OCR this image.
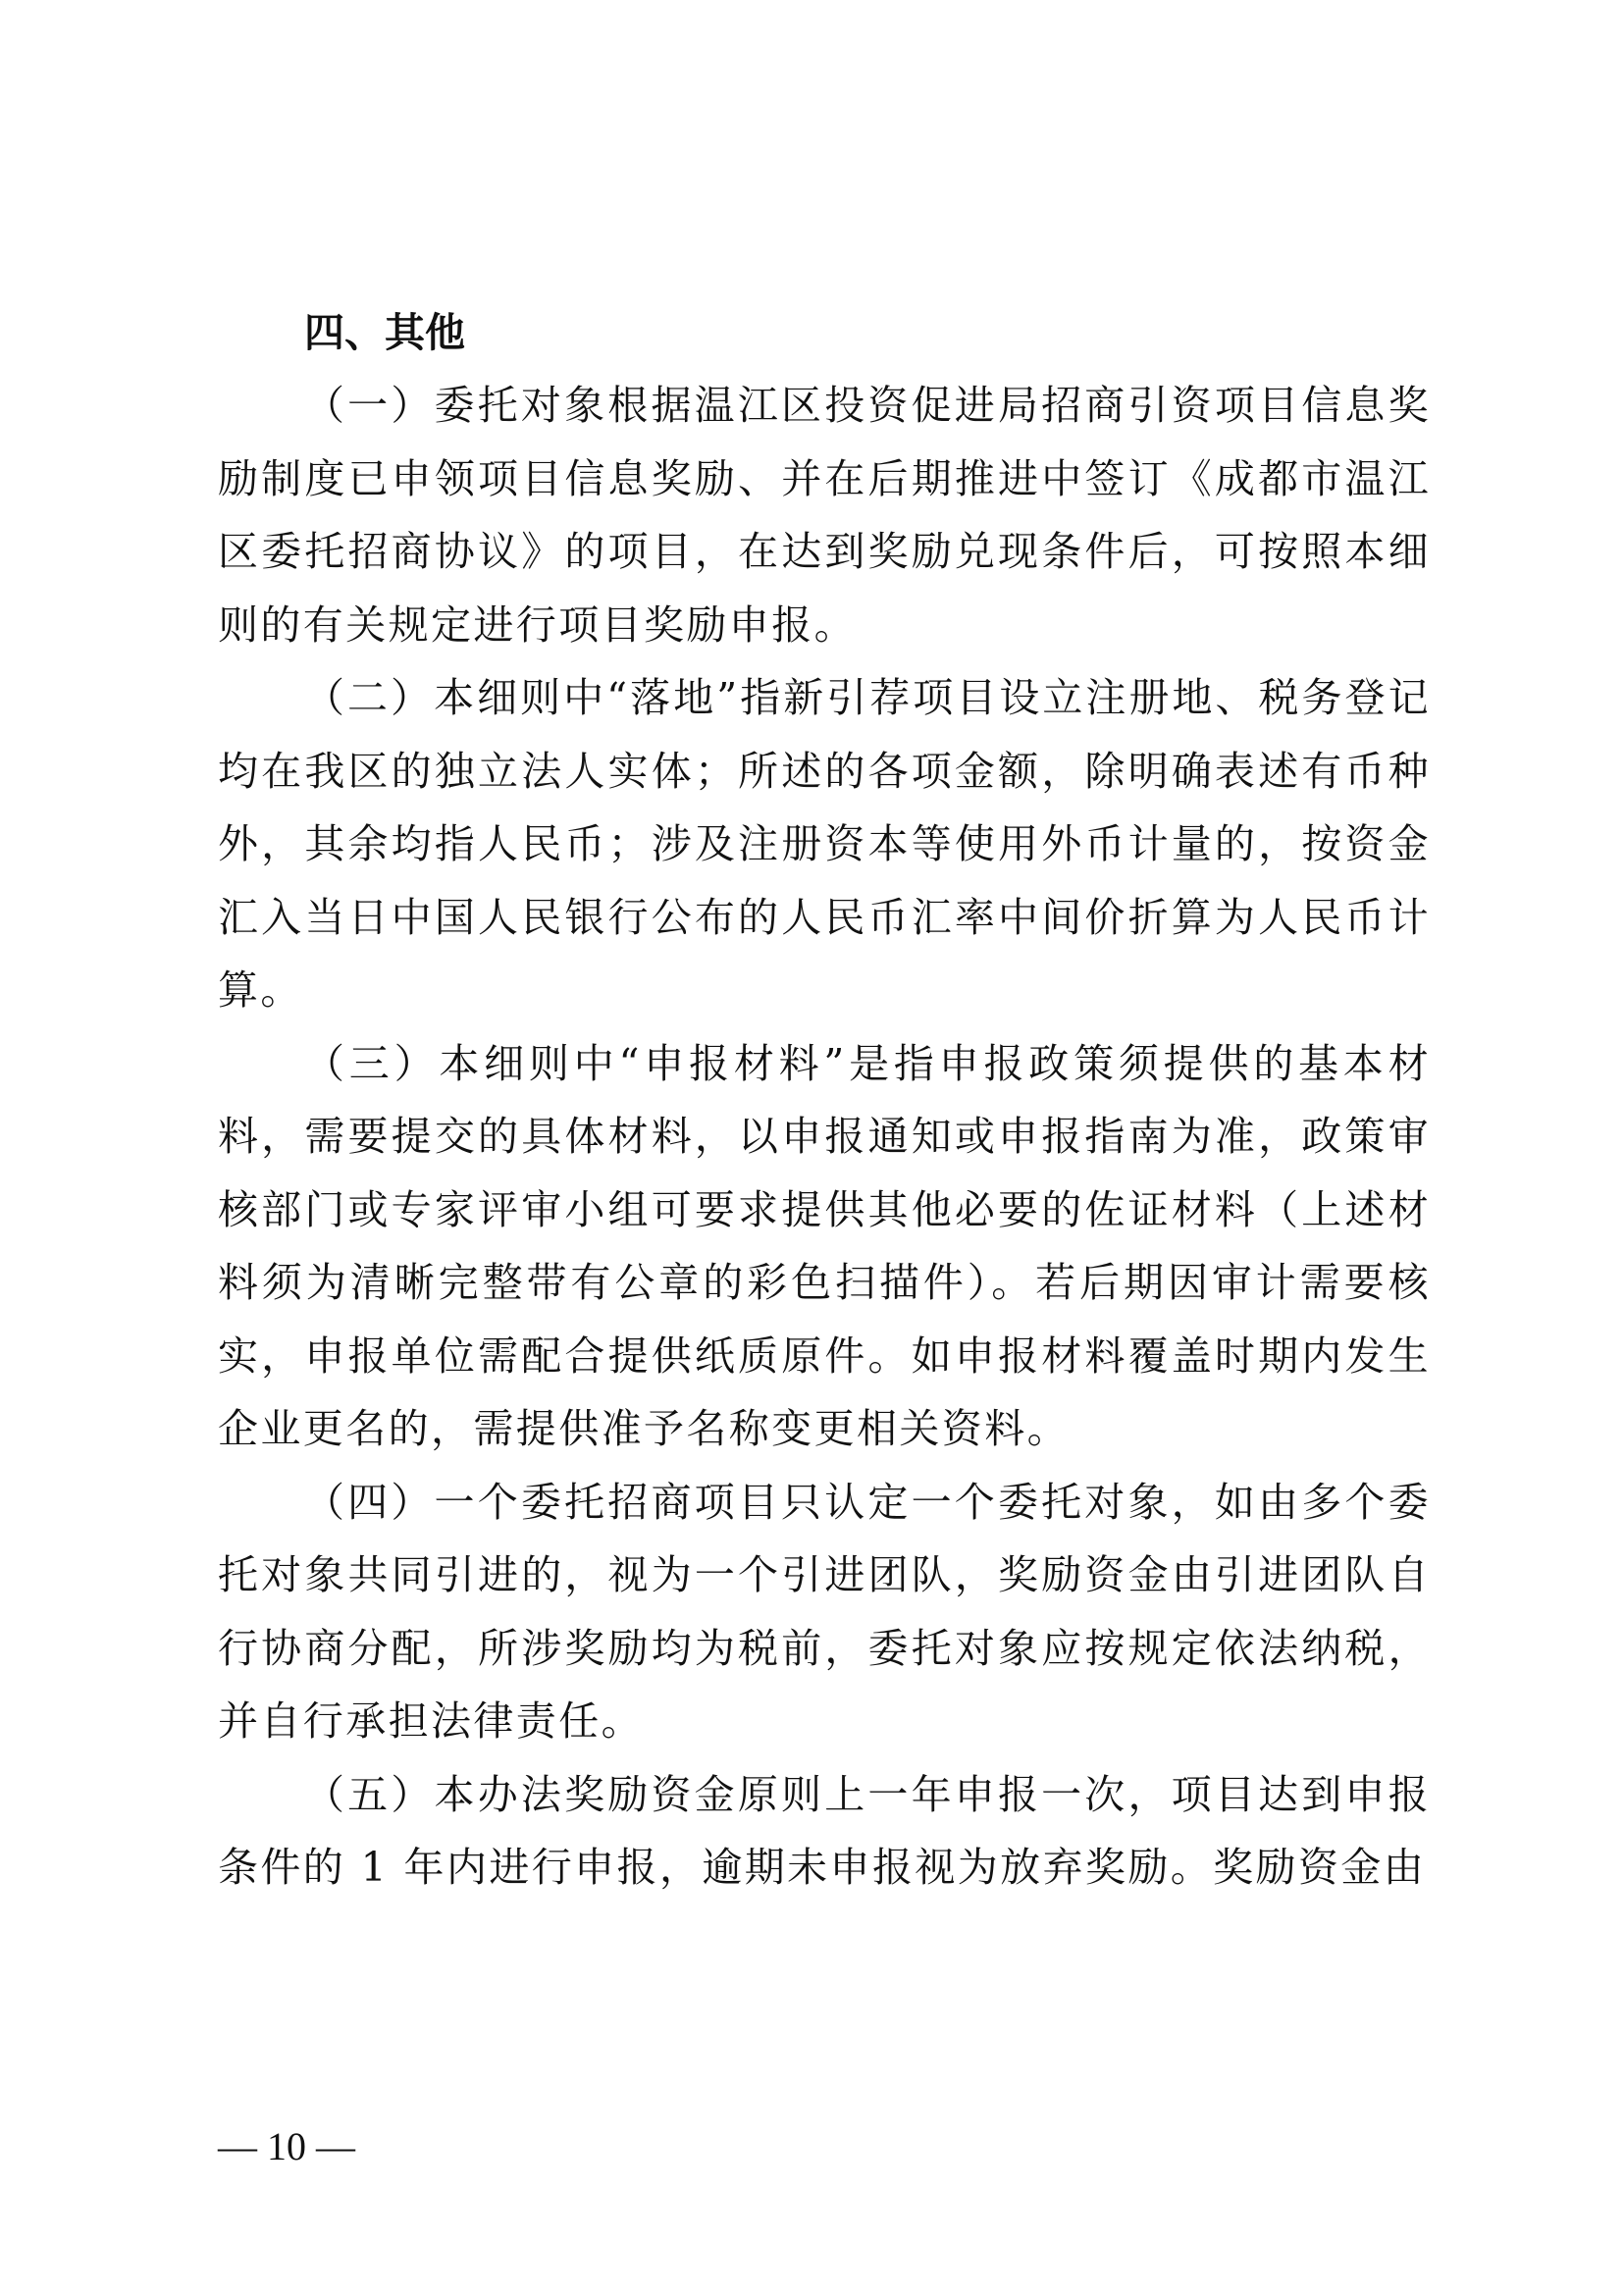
四、其他

（一）委托对象根据温江区投资促进局招商引资项目信息奖励制度已申领项目信息奖励、并在后期推进中签订《成都市温江区委托招商协议》的项目，在达到奖励兑现条件后，可按照本细则的有关规定进行项目奖励申报。

（二）本细则中“落地”指新引荐项目设立注册地、税务登记均在我区的独立法人实体；所述的各项金额，除明确表述有币种外，其余均指人民币；涉及注册资本等使用外币计量的，按资金汇入当日中国人民银行公布的人民币汇率中间价折算为人民币计算。

（三）本细则中“申报材料”是指申报政策须提供的基本材料，需要提交的具体材料，以申报通知或申报指南为准，政策审核部门或专家评审小组可要求提供其他必要的佐证材料（上述材料须为清晰完整带有公章的彩色扫描件）。若后期因审计需要核实，申报单位需配合提供纸质原件。如申报材料覆盖时期内发生企业更名的，需提供准予名称变更相关资料。

（四）一个委托招商项目只认定一个委托对象，如由多个委托对象共同引进的，视为一个引进团队，奖励资金由引进团队自行协商分配，所涉奖励均为税前，委托对象应按规定依法纳税，并自行承担法律责任。

（五）本办法奖励资金原则上一年申报一次，项目达到申报条件的 1 年内进行申报，逾期未申报视为放弃奖励。奖励资金由

— 10 —
